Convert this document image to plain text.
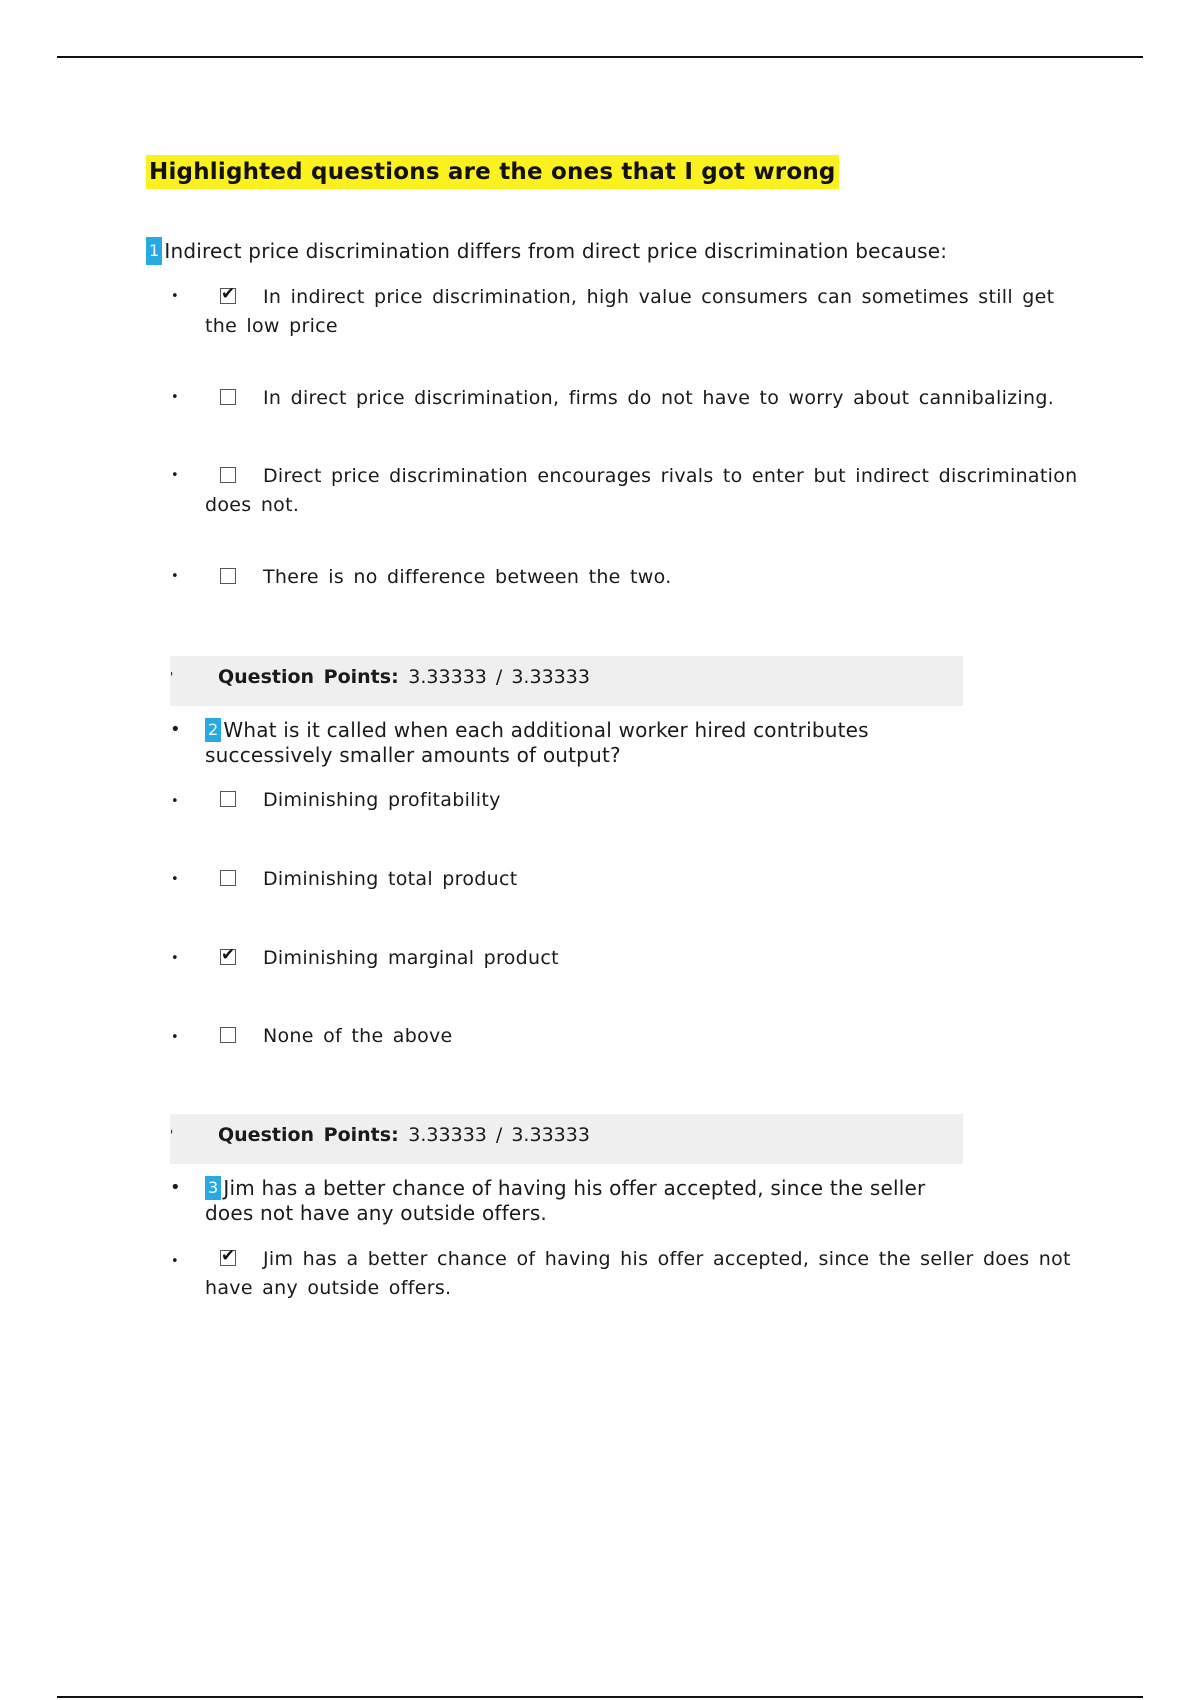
Highlighted questions are the ones that I got wrong
1 Indirect price discrimination differs from direct price discrimination because:
• ✔ In indirect price discrimination, high value consumers can sometimes still get the low price
•	In direct price discrimination, firms do not have to worry about cannibalizing.
•	Direct price discrimination encourages rivals to enter but indirect discrimination does not.
•	There is no difference between the two.
' Question Points: 3.33333 / 3.33333
• 2 What is it called when each additional worker hired contributes successively smaller amounts of output?
•	Diminishing profitability
•	Diminishing total product
• ✔ Diminishing marginal product
•	None of the above
' Question Points: 3.33333 / 3.33333
• 3 Jim has a better chance of having his offer accepted, since the seller does not have any outside offers.
• ✔ Jim has a better chance of having his offer accepted, since the seller does not have any outside offers.
